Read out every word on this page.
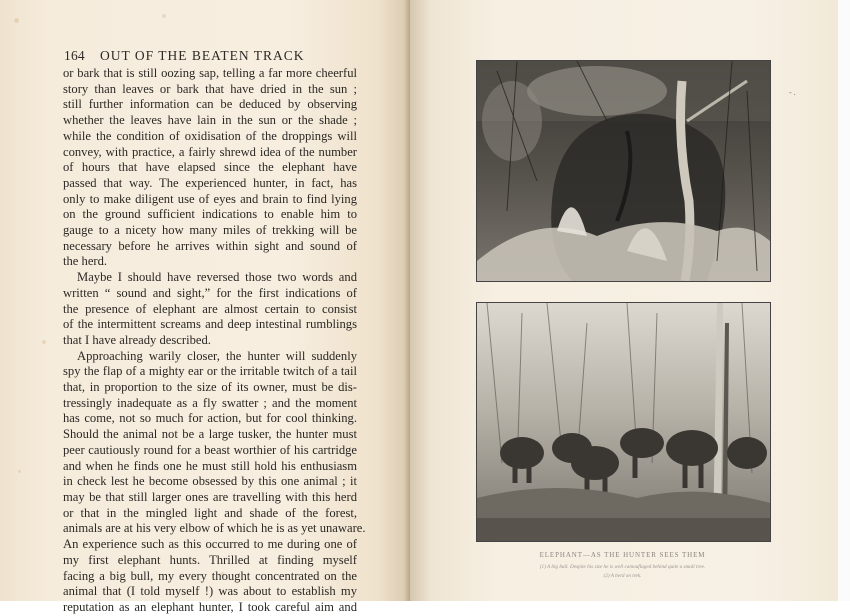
164 OUT OF THE BEATEN TRACK
or bark that is still oozing sap, telling a far more cheerful
story than leaves or bark that have dried in the sun ;
still further information can be deduced by observing
whether the leaves have lain in the sun or the shade ;
while the condition of oxidisation of the droppings will
convey, with practice, a fairly shrewd idea of the number
of hours that have elapsed since the elephant have
passed that way. The experienced hunter, in fact, has
only to make diligent use of eyes and brain to find lying
on the ground sufficient indications to enable him to
gauge to a nicety how many miles of trekking will be
necessary before he arrives within sight and sound of
the herd.
Maybe I should have reversed those two words and
written “ sound and sight,” for the first indications of
the presence of elephant are almost certain to consist
of the intermittent screams and deep intestinal rumblings
that I have already described.
Approaching warily closer, the hunter will suddenly
spy the flap of a mighty ear or the irritable twitch of a tail
that, in proportion to the size of its owner, must be dis-
tressingly inadequate as a fly swatter ; and the moment
has come, not so much for action, but for cool thinking.
Should the animal not be a large tusker, the hunter must
peer cautiously round for a beast worthier of his cartridge
and when he finds one he must still hold his enthusiasm
in check lest he become obsessed by this one animal ; it
may be that still larger ones are travelling with this herd
or that in the mingled light and shade of the forest,
animals are at his very elbow of which he is as yet unaware.
An experience such as this occurred to me during one of
my first elephant hunts. Thrilled at finding myself
facing a big bull, my every thought concentrated on the
animal that (I told myself !) was about to establish my
reputation as an elephant hunter, I took careful aim and
- .
ELEPHANT—AS THE HUNTER SEES THEM
(1) A big bull. Despite his size he is well camouflaged behind quite a small tree.
(2) A herd on trek.
